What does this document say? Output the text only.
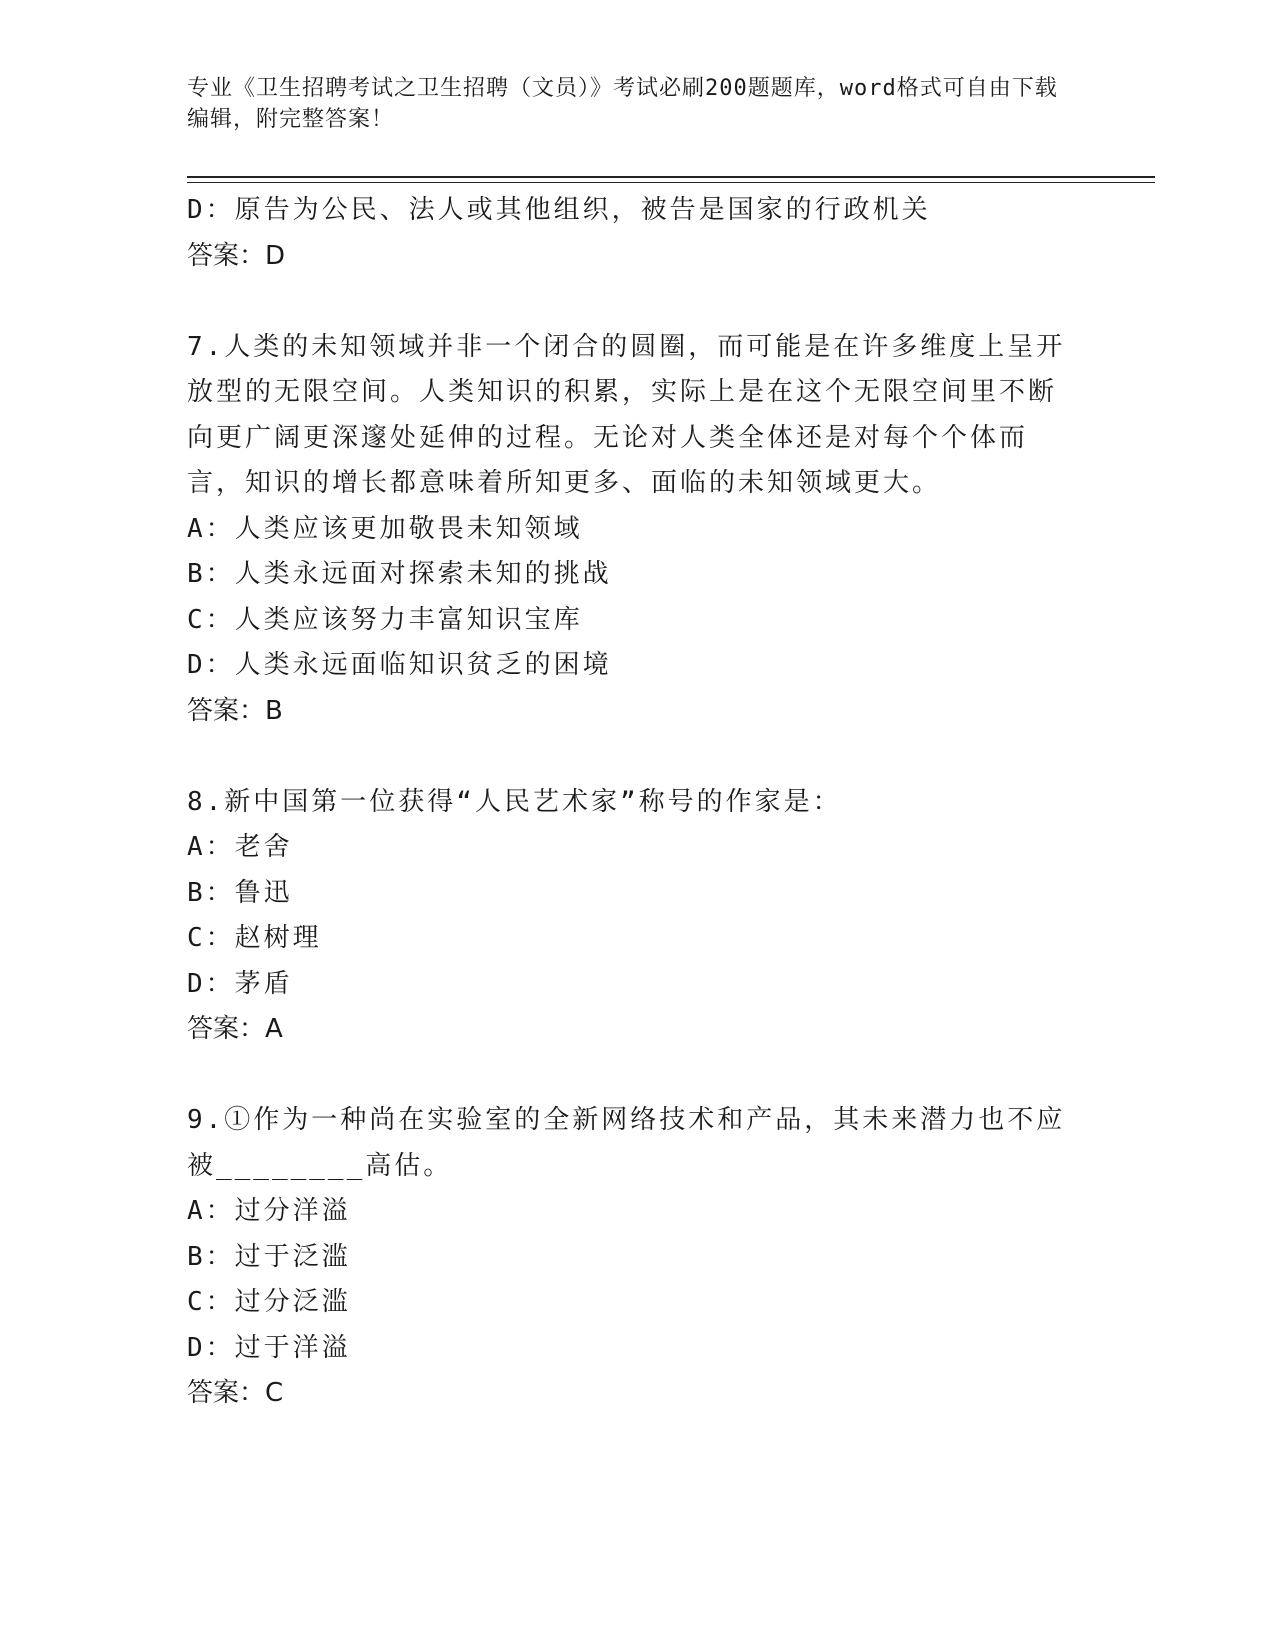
专业《卫生招聘考试之卫生招聘（文员）》考试必刷200题题库，word格式可自由下载编辑，附完整答案！

D：原告为公民、法人或其他组织，被告是国家的行政机关

答案：D

7.人类的未知领域并非一个闭合的圆圈，而可能是在许多维度上呈开放型的无限空间。人类知识的积累，实际上是在这个无限空间里不断向更广阔更深邃处延伸的过程。无论对人类全体还是对每个个体而言，知识的增长都意味着所知更多、面临的未知领域更大。

A：人类应该更加敬畏未知领域

B：人类永远面对探索未知的挑战

C：人类应该努力丰富知识宝库

D：人类永远面临知识贫乏的困境

答案：B

8.新中国第一位获得“人民艺术家”称号的作家是：

A：老舍

B：鲁迅

C：赵树理

D：茅盾

答案：A

9.①作为一种尚在实验室的全新网络技术和产品，其未来潜力也不应被________高估。

A：过分洋溢

B：过于泛滥

C：过分泛滥

D：过于洋溢

答案：C
